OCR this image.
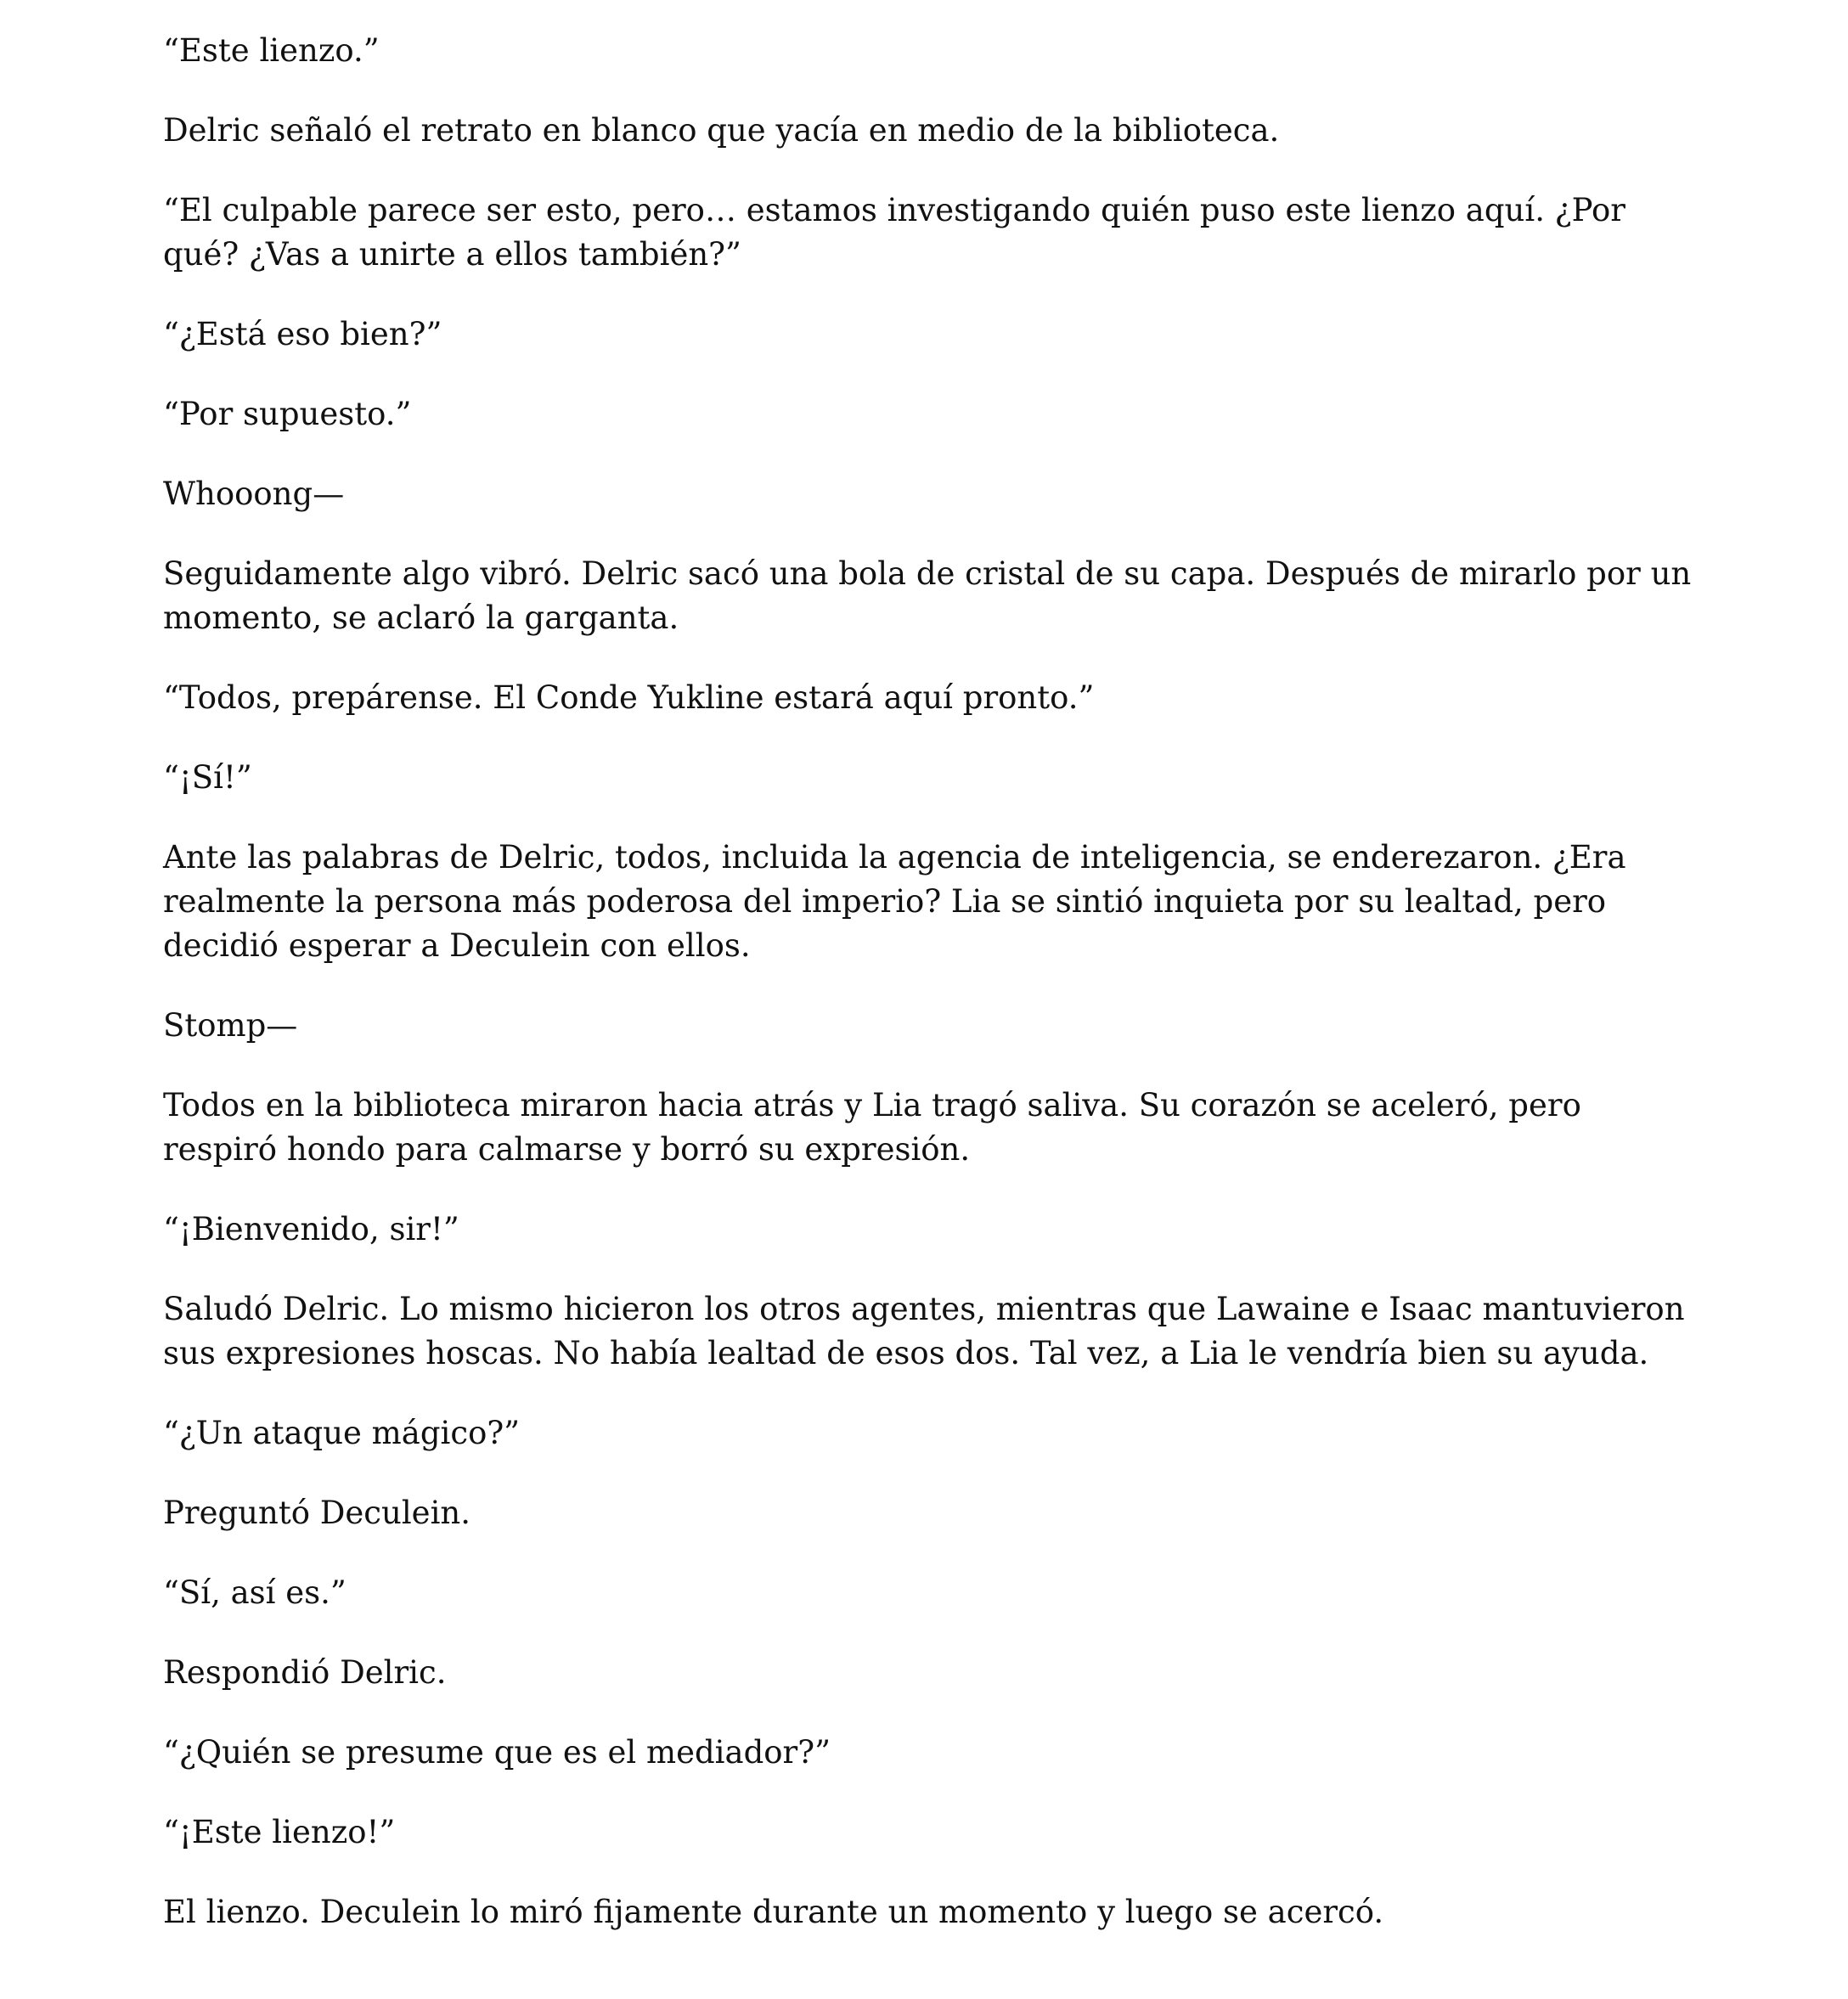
“Este lienzo.”

Delric señaló el retrato en blanco que yacía en medio de la biblioteca.

“El culpable parece ser esto, pero… estamos investigando quién puso este lienzo aquí. ¿Por qué? ¿Vas a unirte a ellos también?”

“¿Está eso bien?”

“Por supuesto.”

Whooong—

Seguidamente algo vibró. Delric sacó una bola de cristal de su capa. Después de mirarlo por un momento, se aclaró la garganta.

“Todos, prepárense. El Conde Yukline estará aquí pronto.”

“¡Sí!”

Ante las palabras de Delric, todos, incluida la agencia de inteligencia, se enderezaron. ¿Era realmente la persona más poderosa del imperio? Lia se sintió inquieta por su lealtad, pero decidió esperar a Deculein con ellos.

Stomp—

Todos en la biblioteca miraron hacia atrás y Lia tragó saliva. Su corazón se aceleró, pero respiró hondo para calmarse y borró su expresión.

“¡Bienvenido, sir!”

Saludó Delric. Lo mismo hicieron los otros agentes, mientras que Lawaine e Isaac mantuvieron sus expresiones hoscas. No había lealtad de esos dos. Tal vez, a Lia le vendría bien su ayuda.

“¿Un ataque mágico?”

Preguntó Deculein.

“Sí, así es.”

Respondió Delric.

“¿Quién se presume que es el mediador?”

“¡Este lienzo!”

El lienzo. Deculein lo miró fijamente durante un momento y luego se acercó.
